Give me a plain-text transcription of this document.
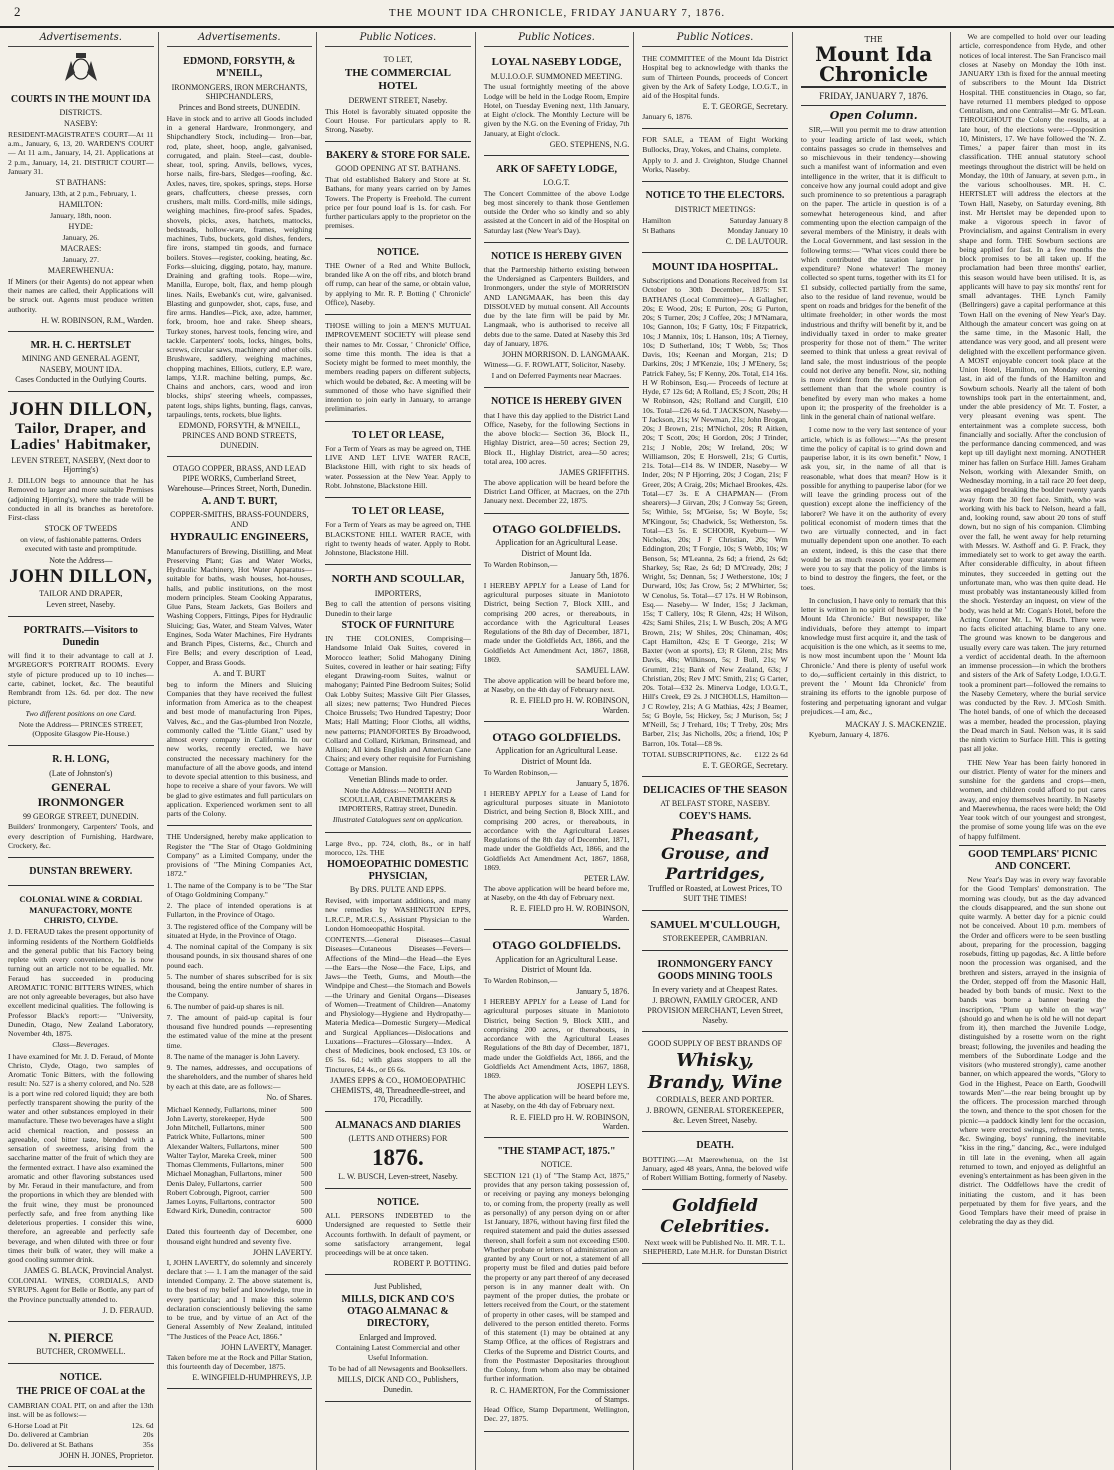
2	THE MOUNT IDA CHRONICLE, FRIDAY JANUARY 7, 1876.
Advertisements.
COURTS IN THE MOUNT IDA
DISTRICTS.
NASEBY:

RESIDENT-MAGISTRATE'S COURT—At 11 a.m., January, 6, 13, 20. WARDEN'S COURT — At 11 a.m., January, 14, 21. Applications at 2 p.m., January, 14, 21. DISTRICT COURT—January 31.

ST BATHANS:

January, 13th, at 2 p.m., February, 1.

HAMILTON:

January, 18th, noon.

HYDE:

January, 26.

MACRAES:

January, 27.

MAEREWHENUA:

If Miners (or their Agents) do not appear when their names are called, their Applications will be struck out. Agents must produce written authority.

H. W. ROBINSON, R.M., Warden.
MR. H. C. HERTSLET
MINING AND GENERAL AGENT,
NASEBY, MOUNT IDA.
Cases Conducted in the Outlying Courts.
JOHN DILLON,
Tailor, Draper, and Ladies' Habitmaker,
LEVEN STREET, NASEBY, (Next door to Hjorring's)

J. DILLON begs to announce that he has Removed to larger and more suitable Premises (adjoining Hjorring's), where the trade will be conducted in all its branches as heretofore. First-class

STOCK OF TWEEDS

on view, of fashionable patterns. Orders executed with taste and promptitude.

Note the Address—
JOHN DILLON,
TAILOR AND DRAPER,
Leven street, Naseby.
PORTRAITS.—Visitors to Dunedin

will find it to their advantage to call at J. M'GREGOR'S PORTRAIT ROOMS. Every style of picture produced up to 10 inches—carte, cabinet, locket, &c. The beautiful Rembrandt from 12s. 6d. per doz. The new picture,

Two different positions on one Card.

Note the Address— PRINCES STREET, (Opposite Glasgow Pie-House.)

R. H. LONG,
(Late of Johnston's)
GENERAL IRONMONGER
99 GEORGE STREET, DUNEDIN.

Builders' Ironmongery, Carpenters' Tools, and every description of Furnishing, Hardware, Crockery, &c.

DUNSTAN BREWERY.
COLONIAL WINE & CORDIAL MANUFACTORY, MONTE CHRISTO, CLYDE.

J. D. FERAUD takes the present opportunity of informing residents of the Northern Goldfields and the general public that his Factory being replete with every convenience, he is now turning out an article not to be equalled. Mr. Feraud has succeeded in producing AROMATIC TONIC BITTERS WINES, which are not only agreeable beverages, but also have excellent medicinal qualities. The following is Professor Black's report:— "University, Dunedin, Otago, New Zealand Laboratory, November 4th, 1875.

Class—Beverages.

I have examined for Mr. J. D. Feraud, of Monte Christo, Clyde, Otago, two samples of Aromatic Tonic Bitters, with the following result: No. 527 is a sherry colored, and No. 528 is a port wine red colored liquid; they are both perfectly transparent showing the purity of the water and other substances employed in their manufacture. These two beverages have a slight acid chemical reaction, and possess an agreeable, cool bitter taste, blended with a sensation of sweetness, arising from the saccharine matter of the fruit of which they are the fermented extract. I have also examined the aromatic and other flavoring substances used by Mr. Feraud in their manufacture, and from the proportions in which they are blended with the fruit wine, they must be pronounced perfectly safe, and free from anything like deleterious properties. I consider this wine, therefore, an agreeable and perfectly safe beverage, and when diluted with three or four times their bulk of water, they will make a good cooling summer drink.

JAMES G. BLACK, Provincial Analyst.

COLONIAL WINES, CORDIALS, AND SYRUPS. Agent for Belle or Bottle, any part of the Province punctually attended to.

J. D. FERAUD.
N. PIERCE
BUTCHER, CROMWELL.
NOTICE.
THE PRICE OF COAL at the

CAMBRIAN COAL PIT, on and after the 13th inst. will be as follows:—

6-Horse Load at Pit	12s. 6d
Do. delivered at Cambrian	20s
Do. delivered at St. Bathans	35s
JOHN H. JONES, Proprietor.
Advertisements.
EDMOND, FORSYTH, & M'NEILL,
IRONMONGERS, IRON MERCHANTS, SHIPCHANDLERS,
Princes and Bond streets, DUNEDIN.

Have in stock and to arrive all Goods included in a general Hardware, Ironmongery, and Shipchandlery Stock, including— Iron—bar, rod, plate, sheet, hoop, angle, galvanised, corrugated, and plain. Steel—cast, double-shear, tool, spring. Anvils, bellows, vyces, horse nails, fire-bars, Sledges—roofing, &c. Axles, naves, tire, spokes, springs, steps. Horse gears, chaffcutters, cheese presses, corn crushers, malt mills. Cord-mills, mile sidings, weighing machines, fire-proof safes. Spades, shovels, picks, axes, hatchets, mattocks, bedsteads, hollow-ware, frames, weighing machines, Tubs, buckets, gold dishes, fenders, fire irons, stamped tin goods, and furnace boilers. Stoves—register, cooking, heating, &c. Forks—sluicing, digging, potato, hay, manure. Draining and grafting tools. Rope—wire, Manilla, Europe, bolt, flax, and hemp plough lines. Nails, Ewebank's cut, wire, galvanised. Blasting and gunpowder, shot, caps, fuse, and fire arms. Handles—Pick, axe, adze, hammer, fork, broom, hoe and rake. Sheep shears, Turkey stones, harvest tools, fencing wire, and tackle. Carpenters' tools, locks, hinges, bolts, screws, circular saws, machinery and other oils. Brushware, saddlery, weighing machines, chopping machines, Elliots, cutlery, E.P. ware, lamps, Y.I.R. machine belting, pumps, &c. Chains and anchors, cars, wood and iron blocks, ships' steering wheels, compasses, patent logs, ships lights, bunting, flags, canvas, tarpaulings, tents, rockets, blue lights.

EDMOND, FORSYTH, & M'NEILL, PRINCES AND BOND STREETS, DUNEDIN.
OTAGO COPPER, BRASS, AND LEAD PIPE WORKS, Cumberland Street, Warehouse—Princes Street, North, Dunedin.
A. AND T. BURT,
COPPER-SMITHS, BRASS-FOUNDERS, AND
HYDRAULIC ENGINEERS,

Manufacturers of Brewing, Distilling, and Meat Preserving Plant; Gas and Water Works, Hydraulic Machinery, Hot Water Apparatus—suitable for baths, wash houses, hot-houses, halls, and public institutions, on the most modern principles. Steam Cooking Apparatus, Glue Pans, Steam Jackets, Gas Boilers and Washing Coppers, Fittings, Pipes for Hydraulic Sluicing; Gas, Water, and Steam Valves, Water Engines, Soda Water Machines, Fire Hydrants and Branch Pipes, Cisterns, &c., Church and Fire Bells; and every description of Lead, Copper, and Brass Goods.

A. and T. BURT

beg to inform the Miners and Sluicing Companies that they have received the fullest information from America as to the cheapest and best mode of manufacturing Iron Pipes, Valves, &c., and the Gas-plumbed Iron Nozzle, commonly called the "Little Giant," used by almost every company in California. In our new works, recently erected, we have constructed the necessary machinery for the manufacture of all the above goods, and intend to devote special attention to this business, and hope to receive a share of your favors. We will be glad to give estimates and full particulars on application. Experienced workmen sent to all parts of the Colony.

THE Undersigned, hereby make application to Register the "The Star of Otago Goldmining Company" as a Limited Company, under the provisions of "The Mining Companies Act, 1872."

1. The name of the Company is to be "The Star of Otago Goldmining Company."

2. The place of intended operations is at Fullarton, in the Province of Otago.

3. The registered office of the Company will be situated at Hyde, in the Province of Otago.

4. The nominal capital of the Company is six thousand pounds, in six thousand shares of one pound each.

5. The number of shares subscribed for is six thousand, being the entire number of shares in the Company.

6. The number of paid-up shares is nil.

7. The amount of paid-up capital is four thousand five hundred pounds —representing the estimated value of the mine at the present time.

8. The name of the manager is John Lavery.

9. The names, addresses, and occupations of the shareholders, and the number of shares held by each at this date, are as follows:—

No. of Shares.
Michael Kennedy, Fullartons, miner	500
John Laverty, storekeeper, Hyde	500
John Mitchell, Fullartons, miner	500
Patrick White, Fullartons, miner	500
Alexander Walters, Fullartons, miner	500
Walter Taylor, Mareka Creek, miner	500
Thomas Clemments, Fullartons, miner 500
Michael Monaghan, Fullartons, miner 500
Denis Daley, Fullartons, carrier	500
Robert Cobrough, Pigroot, carrier	500
James Loyns, Fullartons, contractor	500
Edward Kirk, Dunedin, contractor	500
6000

Dated this fourteenth day of December, one thousand eight hundred and seventy five.

JOHN LAVERTY.

I, JOHN LAVERTY, do solemnly and sincerely declare that :— 1. I am the manager of the said intended Company. 2. The above statement is, to the best of my belief and knowledge, true in every particular; and I make this solemn declaration conscientiously believing the same to be true, and by virtue of an Act of the General Assembly of New Zealand, intituled "The Justices of the Peace Act, 1866."

JOHN LAVERTY, Manager.

Taken before me at the Rock and Pillar Station, this fourteenth day of December, 1875.

E. WINGFIELD-HUMPHREYS, J.P.
Public Notices.
TO LET,
THE COMMERCIAL HOTEL
DERWENT STREET, Naseby.

This Hotel is favorably situated opposite the Court House. For particulars apply to R. Strong, Naseby.

BAKERY & STORE FOR SALE.
GOOD OPENING AT ST. BATHANS.

That old established Bakery and Store at St. Bathans, for many years carried on by James Towers. The Property is Freehold. The current price per four pound loaf is 1s. for cash. For further particulars apply to the proprietor on the premises.

NOTICE.

THE Owner of a Red and White Bullock, branded like A on the off ribs, and blotch brand off rump, can hear of the same, or obtain value, by applying to Mr. R. P. Botting (' Chronicle' Office), Naseby.

THOSE willing to join a MEN'S MUTUAL IMPROVEMENT SOCIETY will please send their names to Mr. Cossar, ' Chronicle' Office, some time this month. The idea is that a Society might be formed to meet monthly, the members reading papers on different subjects, which would be debated, &c. A meeting will be summoned of those who have signified their intention to join early in January, to arrange preliminaries.

TO LET OR LEASE,

For a Term of Years as may be agreed on, THE LIVE AND LET LIVE WATER RACE, Blackstone Hill, with right to six heads of water. Possession at the New Year. Apply to Robt. Johnstone, Blackstone Hill.

TO LET OR LEASE,

For a Term of Years as may be agreed on, THE BLACKSTONE HILL WATER RACE, with right to twenty heads of water. Apply to Robt. Johnstone, Blackstone Hill.

NORTH AND SCOULLAR,
IMPORTERS,

Beg to call the attention of persons visiting Dunedin to their large

STOCK OF FURNITURE

IN THE COLONIES, Comprising— Handsome Inlaid Oak Suites, covered in Morocco leather; Solid Mahogany Dining Suites, covered in leather or hair seating; Fifty elegant Drawing-room Suites, walnut or mahogany; Painted Pine Bedroom Suites; Solid Oak Lobby Suites; Massive Gilt Pier Glasses, all sizes; new patterns; Two Hundred Pieces Choice Brussels; Two Hundred Tapestry; Door Mats; Hall Matting; Floor Cloths, all widths, new patterns; PIANOFORTES By Broadwood, Collard and Collard, Kirkman, Brinsmead, and Allison; All kinds English and American Cane Chairs; and every other requisite for Furnishing Cottage or Mansion.

Venetian Blinds made to order.

Note the Address:— NORTH AND SCOULLAR, CABINETMAKERS & IMPORTERS, Rattray street, Dunedin.

Illustrated Catalogues sent on application.

Large 8vo., pp. 724, cloth, 8s., or in half morocco, 12s. THE

HOMOEOPATHIC DOMESTIC PHYSICIAN,
By DRS. PULTE AND EPPS.

Revised, with important additions, and many new remedies by WASHINGTON EPPS, L.R.C.P., M.R.C.S., Assistant Physician to the London Homoeopathic Hospital.

CONTENTS.—General Diseases—Casual Diseases—Cutaneous Diseases—Fevers—Affections of the Mind—the Head—the Eyes—the Ears—the Nose—the Face, Lips, and Jaws—the Teeth, Gums, and Mouth—the Windpipe and Chest—the Stomach and Bowels—the Urinary and Genital Organs—Diseases of Women—Treatment of Children—Anatomy and Physiology—Hygiene and Hydropathy—Materia Medica—Domestic Surgery—Medical and Surgical Appliances—Dislocations and Luxations—Fractures—Glossary—Index. A chest of Medicines, book enclosed, £3 10s. or £6 5s. 6d.; with glass stoppers to all the Tinctures, £4 4s., or £6 6s.

JAMES EPPS & CO., HOMOEOPATHIC CHEMISTS, 48, Threadneedle-street, and 170, Piccadilly.
ALMANACS AND DIARIES
(LETTS AND OTHERS) FOR
1876.
L. W. BUSCH, Leven-street, Naseby.
NOTICE.

ALL PERSONS INDEBTED to the Undersigned are requested to Settle their Accounts forthwith. In default of payment, or some satisfactory arrangement, legal proceedings will be at once taken.

ROBERT P. BOTTING.
Just Published,
MILLS, DICK AND CO'S OTAGO ALMANAC & DIRECTORY,
Enlarged and Improved.

Containing Latest Commercial and other Useful Information.

To be had of all Newsagents and Booksellers.

MILLS, DICK AND CO., Publishers, Dunedin.
Public Notices.
LOYAL NASEBY LODGE,
M.U.I.O.O.F. SUMMONED MEETING.

The usual fortnightly meeting of the above Lodge will be held in the Lodge Room, Empire Hotel, on Tuesday Evening next, 11th January, at Eight o'clock. The Monthly Lecture will be given by the N.G. on the Evening of Friday, 7th January, at Eight o'clock.

GEO. STEPHENS, N.G.
ARK OF SAFETY LODGE,
I.O.G.T.

The Concert Committee of the above Lodge beg most sincerely to thank those Gentlemen outside the Order who so kindly and so ably assisted at the Concert in aid of the Hospital on Saturday last (New Year's Day).

NOTICE IS HEREBY GIVEN

that the Partnership hitherto existing between the Undersigned as Carpenters Builders, and Ironmongers, under the style of MORRISON AND LANGMAAK, has been this day DISSOLVED by mutual consent. All Accounts due by the late firm will be paid by Mr. Langmaak, who is authorised to receive all debts due to the same. Dated at Naseby this 3rd day of January, 1876.

JOHN MORRISON. D. LANGMAAK.

Witness—G. F. ROWLATT, Solicitor, Naseby.

I and on Deferred Payments near Macraes.

NOTICE IS HEREBY GIVEN

that I have this day applied to the District Land Office, Naseby, for the following Sections in the above block:— Section 36, Block II., Highlay District, area—50 acres; Section 29, Block II., Highlay District, area—50 acres; total area, 100 acres.

JAMES GRIFFITHS.

The above application will be heard before the District Land Officer, at Macraes, on the 27th January next. December 22, 1875.

OTAGO GOLDFIELDS.
Application for an Agricultural Lease.
District of Mount Ida.

To Warden Robinson,—

January 5th, 1876.

I HEREBY APPLY for a Lease of Land for agricultural purposes situate in Maniototo District, being Section 7, Block XIII., and comprising 200 acres, or thereabouts, in accordance with the Agricultural Leases Regulations of the 8th day of December, 1871, made under the Goldfields Act, 1866, and the Goldfields Act Amendment Act, 1867, 1868, 1869.

SAMUEL LAW.

The above application will be heard before me, at Naseby, on the 4th day of February next.

R. E. FIELD pro H. W. ROBINSON, Warden.
OTAGO GOLDFIELDS.
Application for an Agricultural Lease.
District of Mount Ida.

To Warden Robinson,—

January 5, 1876.

I HEREBY APPLY for a Lease of Land for agricultural purposes situate in Maniototo District, and being Section 8, Block XIII., and comprising 200 acres, or thereabouts, in accordance with the Agricultural Leases Regulations of the 8th day of December, 1871, made under the Goldfields Act, 1866, and the Goldfields Act Amendment Act, 1867, 1868, 1869.

PETER LAW.

The above application will be heard before me, at Naseby, on the 4th day of February next.

R. E. FIELD pro H. W. ROBINSON, Warden.
OTAGO GOLDFIELDS.
Application for an Agricultural Lease.
District of Mount Ida.

To Warden Robinson,—

January 5, 1876.

I HEREBY APPLY for a Lease of Land for agricultural purposes situate in Maniototo District, being Section 9, Block XIII., and comprising 200 acres, or thereabouts, in accordance with the Agricultural Leases Regulations of the 8th day of December, 1871, made under the Goldfields Act, 1866, and the Goldfields Act Amendment Acts, 1867, 1868, 1869.

JOSEPH LEYS.

The above application will be heard before me, at Naseby, on the 4th day of February next.

R. E. FIELD pro H. W. ROBINSON, Warden.
"THE STAMP ACT, 1875."
NOTICE.

SECTION 121 (1) of "The Stamp Act, 1875," provides that any person taking possession of, or receiving or paying any moneys belonging to, or coming from, the property (really as well as personally) of any person dying on or after 1st January, 1876, without having first filed the required statement and paid the duties assessed thereon, shall forfeit a sum not exceeding £500. Whether probate or letters of administration are granted by any Court or not, a statement of all property must be filed and duties paid before the property or any part thereof of any deceased person is in any manner dealt with. On payment of the proper duties, the probate or letters received from the Court, or the statement of property in other cases, will be stamped and delivered to the person entitled thereto. Forms of this statement (1) may be obtained at any Stamp Office, at the offices of Registrars and Clerks of the Supreme and District Courts, and from the Postmaster Depositaries throughout the Colony, from whom also may be obtained further information.

R. C. HAMERTON, For the Commissioner of Stamps.

Head Office, Stamp Department, Wellington, Dec. 27, 1875.

Public Notices.

THE COMMITTEE of the Mount Ida District Hospital beg to acknowledge with thanks the sum of Thirteen Pounds, proceeds of Concert given by the Ark of Safety Lodge, I.O.G.T., in aid of the Hospital funds.

E. T. GEORGE, Secretary.

January 6, 1876.

FOR SALE, a TEAM of Eight Working Bullocks, Dray, Yokes, and Chains, complete.

Apply to J. and J. Creighton, Sludge Channel Works, Naseby.

NOTICE TO THE ELECTORS.
DISTRICT MEETINGS:
Hamilton	Saturday January 8
St Bathans	Monday January 10
C. DE LAUTOUR.
MOUNT IDA HOSPITAL.

Subscriptions and Donations Received from 1st October to 30th December, 1875: ST. BATHANS (Local Committee)— A Gallagher, 20s; E Wood, 20s; E Purton, 20s; G Purton, 20s; S Turner, 20s; J Coffee, 20s; J M'Namara, 10s; Gannon, 10s; F Gatty, 10s; F Fitzpatrick, 10s; J Mannix, 10s; L Hanson, 10s; A Tierney, 10s; D Sutherland, 10s; T Webb, 5s; Thos Davis, 10s; Keenan and Morgan, 21s; D Darkins, 20s; J M'Kenzie, 10s; J M'Enery, 5s; Patrick Fahey, 5s; F Kenny, 20s. Total, £14 16s. H W Robinson, Esq.— Proceeds of lecture at Hyde, £7 12s 6d; A Rolland, £5; J Scott, 20s; H W Robinson, 42s; Rolland and Curgill, £10 10s. Total—£26 4s 6d. T JACKSON, Naseby— T Jackson, 21s; W Newman, 21s; John Brogan, 20s; J Brown, 21s; M'Nichol, 20s; R Aitken, 20s; T Scott, 20s; H Gordon, 20s; J Trinder, 21s; J Noble, 20s; W Ireland, 20s; W Williamson, 20s; E Horswell, 21s; G Curtis, 21s. Total—£14 8s. W INDER, Naseby— W Inder, 20s; N P Hjorring, 20s; J Cogan, 21s; F Greer, 20s; A Craig, 20s; Michael Brookes, 42s. Total—£7 3s. E A CHAPMAN— (From shearers)—J Girvan, 20s; J Conway 5s; Green, 5s; Withie, 5s; M'Geise, 5s; W Boyle, 5s; M'Kingour, 5s; Chadwick, 5s; Wetherston, 5s. Total—£3 5s. E SCHOOR, Kyeburn— W Nicholas, 20s; J F Christian, 20s; Wm Eddington, 20s; T Forgie, 10s; S Webb, 10s; W Benson, 5s; M'Leanna, 2s 6d; a friend, 2s 6d; Sharkey, 5s; Rae, 2s 6d; D M'Cready, 20s; J Wright, 5s; Dennan, 5s; J Wetherstone, 10s; J Durward, 10s; Jas Crow, 5s; 2 M'Whirter, 5s; W Cenolus, 5s. Total—£7 17s. H W Robinson, Esq.— Naseby— W Inder, 15s; J Jackman, 15s; T Callery, 10s; R Glenn, 42s; H Wilson, 42s; Sami Shiles, 21s; L W Busch, 20s; A M'G Brown, 21s; W Shiles, 20s; Chinaman, 40s; Capt Hamilton, 42s; E T George, 21s; W Baxter (won at sports), £3; R Glenn, 21s; Mrs Davis, 40s; Wilkinson, 5s; J Bull, 21s; W Grumitt, 21s; Bank of New Zealand, 63s; J Christian, 20s; Rev J M'C Smith, 21s; G Carter, 20s. Total—£32 2s. Minerva Lodge, I.O.G.T., Hill's Creek, £9 2s. J NICHOLLS, Hamilton— J C Rowley, 21s; A G Mathias, 42s; J Beamer, 5s; G Boyle, 5s; Hickey, 5s; J Murison, 5s; J M'Neill, 5s; J Trehard, 10s; T Treby, 20s; Mrs Barber, 21s; Jas Nicholls, 20s; a friend, 10s; P Barron, 10s. Total—£8 9s.

TOTAL SUBSCRIPTIONS, &c. £122 2s 6d
E. T. GEORGE, Secretary.
DELICACIES OF THE SEASON
AT BELFAST STORE, NASEBY.
COEY'S HAMS.
Pheasant, Grouse, and Partridges,
Truffled or Roasted, at Lowest Prices, TO SUIT THE TIMES!
SAMUEL M'CULLOUGH,
STOREKEEPER, CAMBRIAN.
IRONMONGERY FANCY GOODS MINING TOOLS
In every variety and at Cheapest Rates.
J. BROWN, FAMILY GROCER, AND PROVISION MERCHANT, Leven Street, Naseby.
GOOD SUPPLY OF BEST BRANDS OF
Whisky, Brandy, Wine
CORDIALS, BEER AND PORTER.
J. BROWN, GENERAL STOREKEEPER, &c. Leven Street, Naseby.
DEATH.

BOTTING.—At Maerewhenua, on the 1st January, aged 48 years, Anna, the beloved wife of Robert William Botting, formerly of Naseby.

Goldfield Celebrities.

Next week will be Published No. II. MR. T. L. SHEPHERD, Late M.H.R. for Dunstan District

THE
Mount Ida Chronicle
FRIDAY, JANUARY 7, 1876.
Open Column.

SIR,—Will you permit me to draw attention to your leading article of last week, which contains passages so crude in themselves and so mischievous in their tendency—showing such a manifest want of information and even intelligence in the writer, that it is difficult to conceive how any journal could adopt and give such prominence to so pretentious a paragraph on the paper. The article in question is of a somewhat heterogeneous kind, and after commenting upon the election campaign of the several members of the Ministry, it deals with the Local Government, and last session in the following terms:— "What vices could there be which contributed the taxation larger in expenditure? None whatever! The money collected so spent turns, together with its £1 for £1 subsidy, collected partially from the same, also to the residue of land revenue, would be spent on roads and bridges for the benefit of the ultimate freeholder; in other words the most industrious and thrifty will benefit by it, and be individually taxed in order to make greater prosperity for those not of them." The writer seemed to think that unless a great revival of land sale, the most industrious of the people could not derive any benefit. Now, sir, nothing is more evident from the present position of settlement than that the whole country is benefited by every man who makes a home upon it; the prosperity of the freeholder is a link in the general chain of national welfare.

I come now to the very last sentence of your article, which is as follows:—"As the present time the policy of capital is to grind down and pauperise labor, it is its own benefit." Now, I ask you, sir, in the name of all that is reasonable, what does that mean? How is it possible for anything to pauperise labor (for we will leave the grinding process out of the question) except alone the inefficiency of the laborer? We have it on the authority of every political economist of modern times that the two are virtually connected, and in fact mutually dependent upon one another. To each an extent, indeed, is this the case that there would be as much reason in your statement were you to say that the policy of the limbs is to bind to destroy the fingers, the feet, or the toes.

In conclusion, I have only to remark that this letter is written in no spirit of hostility to the ' Mount Ida Chronicle.' But newspaper, like individuals, before they attempt to impart knowledge must first acquire it, and the task of acquisition is the one which, as it seems to me, is now most incumbent upon the ' Mount Ida Chronicle.' And there is plenty of useful work to do,—sufficient certainly in this district, to prevent the ' Mount Ida Chronicle' from straining its efforts to the ignoble purpose of fostering and perpetuating ignorant and vulgar prejudices.—I am, &c.,

MACKAY J. S. MACKENZIE.

Kyeburn, January 4, 1876.

We are compelled to hold over our leading article, correspondence from Hyde, and other notices of local interest. The San Francisco mail closes at Naseby on Monday the 10th inst. JANUARY 13th is fixed for the annual meeting of subscribers to the Mount Ida District Hospital. THE constituencies in Otago, so far, have returned 11 members pledged to oppose Centralism, and one Centralist—Mr G. M'Lean. THROUGHOUT the Colony the results, at a late hour, of the elections were:—Opposition 10, Ministers, 17. We have followed the 'N. Z. Times,' a paper fairer than most in its classification. THE annual statutory school meetings throughout the district will be held on Monday, the 10th of January, at seven p.m., in the various schoolhouses. MR. H. C. HERTSLET will address the electors at the Town Hall, Naseby, on Saturday evening, 8th inst. Mr Hertslet may be depended upon to make a vigorous speech in favor of Provincialism, and against Centralism in every shape and form. THE Sowburn sections are being applied for fast. In a few months the block promises to be all taken up. If the proclamation had been three months' earlier, this season would have been utilised. It is, as applicants will have to pay six months' rent for small advantages. THE Lynch Family (Bellringers) gave a capital performance at this Town Hall on the evening of New Year's Day. Although the amateur concert was going on at the same time, in the Masonic Hall, the attendance was very good, and all present were delighted with the excellent performance given. A MOST enjoyable concert took place at the Union Hotel, Hamilton, on Monday evening last, in aid of the funds of the Hamilton and Sowburn schools. Nearly all the talent of both townships took part in the entertainment, and, under the able presidency of Mr. T. Foster, a very pleasant evening was spent. The entertainment was a complete success, both financially and socially. After the conclusion of the performance dancing commenced, and was kept up till daylight next morning. ANOTHER miner has fallen on Surface Hill. James Graham Nelson, working with Alexander Smith, on Wednesday morning, in a tail race 20 feet deep, was engaged breaking the boulder twenty yards away from the 30 feet face. Smith, who was working with his back to Nelson, heard a fall, and, looking round, saw about 20 tons of stuff down, but no sign of his companion. Climbing over the fall, he went away for help returning with Messrs. W. Asthoff and G. P. Frack, they immediately set to work to get away the earth. After considerable difficulty, in about fifteen minutes, they succeeded in getting out the unfortunate man, who was then quite dead. He must probably was instantaneously killed from the shock. Yesterday an inquest, on view of the body, was held at Mr. Cogan's Hotel, before the Acting Coroner Mr. L. W. Busch. There were no facts elicited attaching blame to any one. The ground was known to be dangerous and usually every care was taken. The jury returned a verdict of accidental death. In the afternoon an immense procession—in which the brothers and sisters of the Ark of Safety Lodge, I.O.G.T. took a prominent part—followed the remains to the Naseby Cemetery, where the burial service was conducted by the Rev. J. M'Cosh Smith. The hotel bands, of one of which the deceased was a member, headed the procession, playing the Dead march in Saul. Nelson was, it is said the ninth victim to Surface Hill. This is getting past all joke.

THE New Year has been fairly honored in our district. Plenty of water for the miners and sunshine for the gardens and crops—men, women, and children could afford to put cares away, and enjoy themselves heartily. In Naseby and Maerewhenua, the races were held; the Old Year took witch of our youngest and strongest, the promise of some young life was on the eve of happy fulfilment.

GOOD TEMPLARS' PICNIC AND CONCERT.

New Year's Day was in every way favorable for the Good Templars' demonstration. The morning was cloudy, but as the day advanced the clouds disappeared, and the sun shone out quite warmly. A better day for a picnic could not be conceived. About 10 p.m. members of the Order and officers were to be seen bustling about, preparing for the procession, bagging rosebuds, fitting up pagodas, &c. A little before noon the procession was organised, and the brethren and sisters, arrayed in the insignia of the Order, stepped off from the Masonic Hall, headed by both bands of music. Next to the bands was borne a banner bearing the inscription, "Plum up while on the way" (should go and when he is old he will not depart from it), then marched the Juvenile Lodge, distinguished by a rosette worn on the right breast; following, the juveniles and heading the members of the Subordinate Lodge and the visitors (who mustered strongly), came another banner, on which appeared the words, "Glory to God in the Highest, Peace on Earth, Goodwill towards Men"—the rear being brought up by the officers. The procession marched through the town, and thence to the spot chosen for the picnic—a paddock kindly lent for the occasion, where were erected swings, refreshment tents, &c. Swinging, boys' running, the inevitable "kiss in the ring," dancing, &c., were indulged in till late in the evening, when all again returned to town, and enjoyed as delightful an evening's entertainment as has been given in the district. The Oddfellows have the credit of initiating the custom, and it has been perpetuated by them for five years, and the Good Templars have their meed of praise in celebrating the day as they did.
